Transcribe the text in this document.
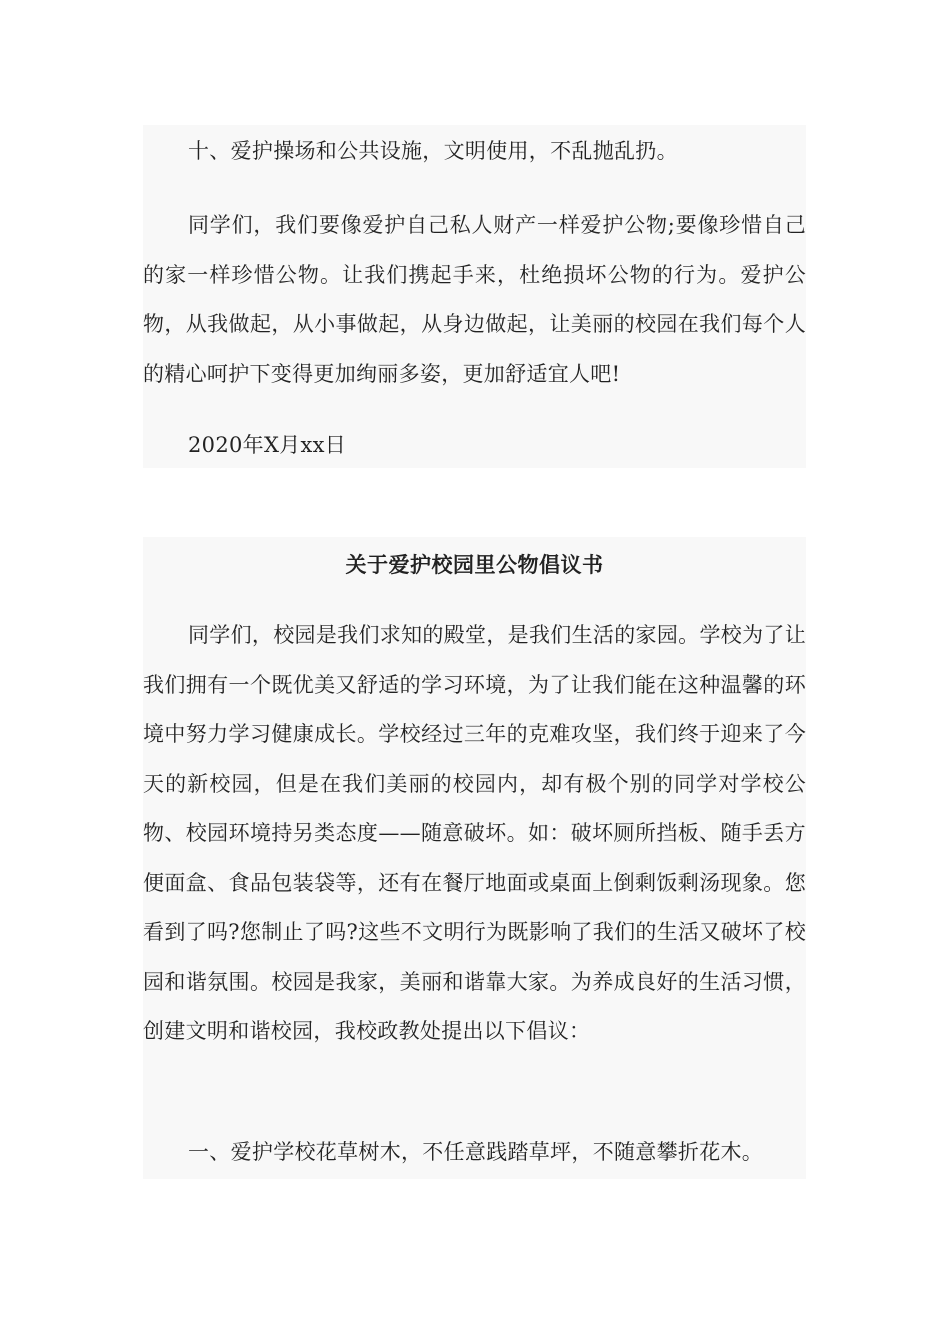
十、爱护操场和公共设施，文明使用，不乱抛乱扔。

同学们，我们要像爱护自己私人财产一样爱护公物;要像珍惜自己的家一样珍惜公物。让我们携起手来，杜绝损坏公物的行为。爱护公物，从我做起，从小事做起，从身边做起，让美丽的校园在我们每个人的精心呵护下变得更加绚丽多姿，更加舒适宜人吧!

2020年X月xx日

关于爱护校园里公物倡议书

同学们，校园是我们求知的殿堂，是我们生活的家园。学校为了让我们拥有一个既优美又舒适的学习环境，为了让我们能在这种温馨的环境中努力学习健康成长。学校经过三年的克难攻坚，我们终于迎来了今天的新校园，但是在我们美丽的校园内，却有极个别的同学对学校公物、校园环境持另类态度——随意破坏。如：破坏厕所挡板、随手丢方便面盒、食品包装袋等，还有在餐厅地面或桌面上倒剩饭剩汤现象。您看到了吗?您制止了吗?这些不文明行为既影响了我们的生活又破坏了校园和谐氛围。校园是我家，美丽和谐靠大家。为养成良好的生活习惯，创建文明和谐校园，我校政教处提出以下倡议：

一、爱护学校花草树木，不任意践踏草坪，不随意攀折花木。
